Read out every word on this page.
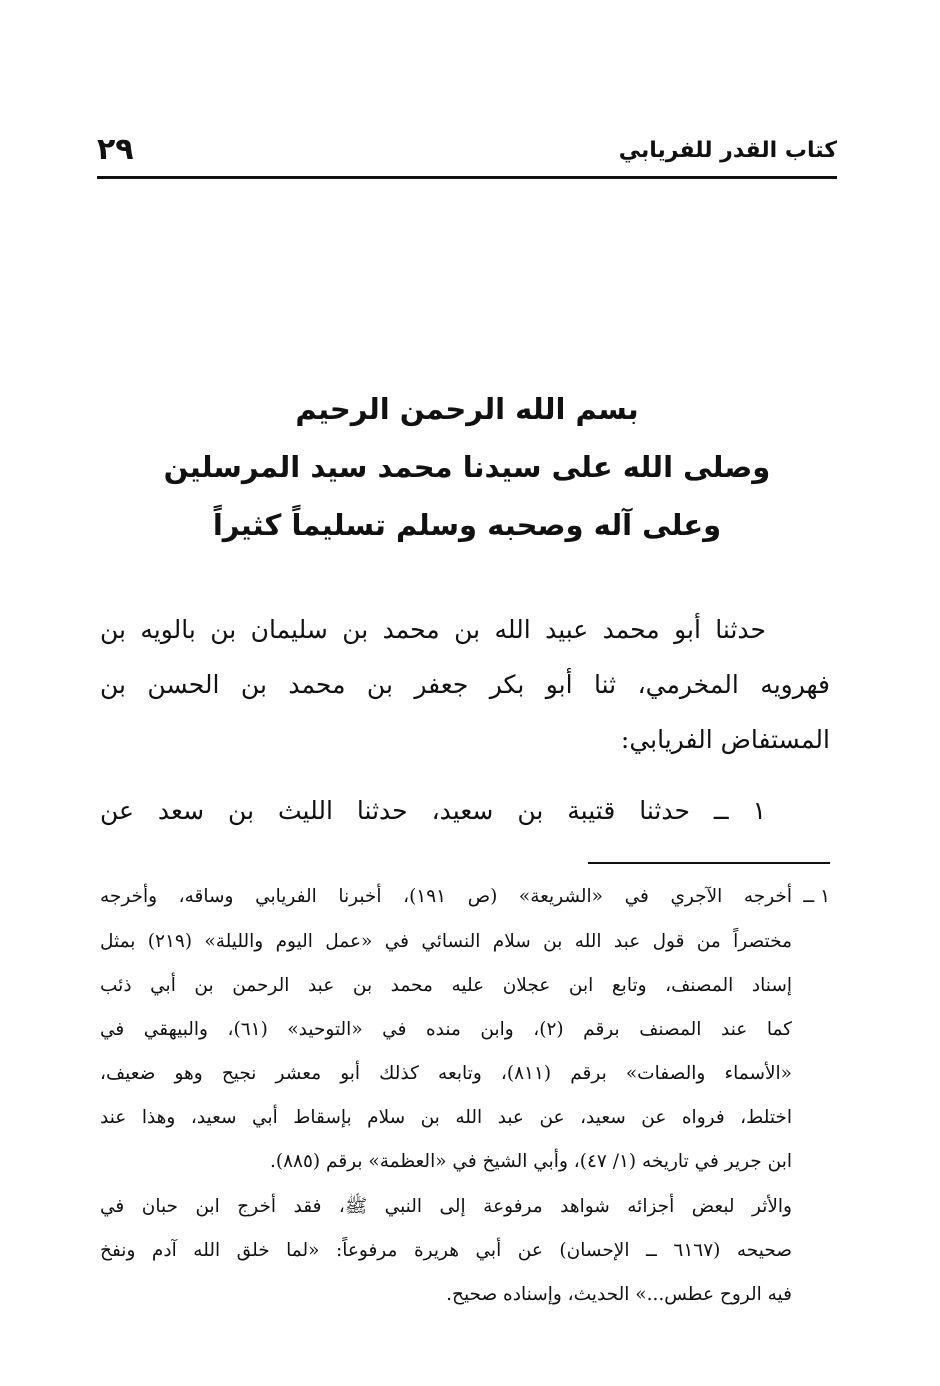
كتاب القدر للفريابي
٢٩
بسم الله الرحمن الرحيم
وصلى الله على سيدنا محمد سيد المرسلين
وعلى آله وصحبه وسلم تسليماً كثيراً
حدثنا أبو محمد عبيد الله بن محمد بن سليمان بن بالويه بن
فهرويه المخرمي، ثنا أبو بكر جعفر بن محمد بن الحسن بن
المستفاض الفريابي:
١ ــ حدثنا قتيبة بن سعيد، حدثنا الليث بن سعد عن
١ ــ
أخرجه الآجري في «الشريعة» (ص ١٩١)، أخبرنا الفريابي وساقه، وأخرجه
مختصراً من قول عبد الله بن سلام النسائي في «عمل اليوم والليلة» (٢١٩) بمثل
إسناد المصنف، وتابع ابن عجلان عليه محمد بن عبد الرحمن بن أبي ذئب
كما عند المصنف برقم (٢)، وابن منده في «التوحيد» (٦١)، والبيهقي في
«الأسماء والصفات» برقم (٨١١)، وتابعه كذلك أبو معشر نجيح وهو ضعيف،
اختلط، فرواه عن سعيد، عن عبد الله بن سلام بإسقاط أبي سعيد، وهذا عند
ابن جرير في تاريخه (١/ ٤٧)، وأبي الشيخ في «العظمة» برقم (٨٨٥).
والأثر لبعض أجزائه شواهد مرفوعة إلى النبي ﷺ، فقد أخرج ابن حبان في
صحيحه (٦١٦٧ ــ الإحسان) عن أبي هريرة مرفوعاً: «لما خلق الله آدم ونفخ
فيه الروح عطس...» الحديث، وإسناده صحيح.
